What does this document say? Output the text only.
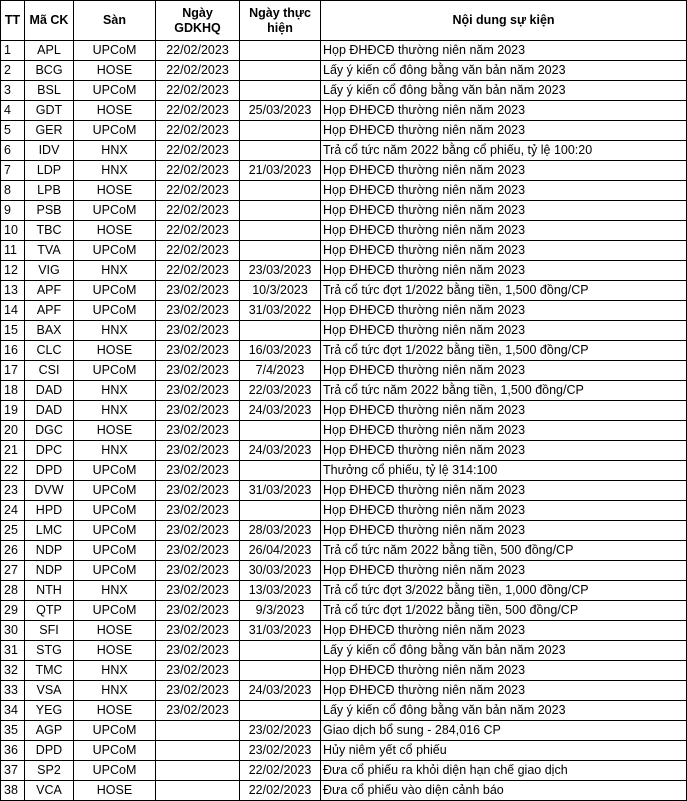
TT	Mã CK	Sàn	Ngày GDKHQ	Ngày thực hiện	Nội dung sự kiện
1	APL	UPCoM	22/02/2023		Họp ĐHĐCĐ thường niên năm 2023
2	BCG	HOSE	22/02/2023		Lấy ý kiến cổ đông bằng văn bản năm 2023
3	BSL	UPCoM	22/02/2023		Lấy ý kiến cổ đông bằng văn bản năm 2023
4	GDT	HOSE	22/02/2023	25/03/2023	Họp ĐHĐCĐ thường niên năm 2023
5	GER	UPCoM	22/02/2023		Họp ĐHĐCĐ thường niên năm 2023
6	IDV	HNX	22/02/2023		Trả cổ tức năm 2022 bằng cổ phiếu, tỷ lệ 100:20
7	LDP	HNX	22/02/2023	21/03/2023	Họp ĐHĐCĐ thường niên năm 2023
8	LPB	HOSE	22/02/2023		Họp ĐHĐCĐ thường niên năm 2023
9	PSB	UPCoM	22/02/2023		Họp ĐHĐCĐ thường niên năm 2023
10	TBC	HOSE	22/02/2023		Họp ĐHĐCĐ thường niên năm 2023
11	TVA	UPCoM	22/02/2023		Họp ĐHĐCĐ thường niên năm 2023
12	VIG	HNX	22/02/2023	23/03/2023	Họp ĐHĐCĐ thường niên năm 2023
13	APF	UPCoM	23/02/2023	10/3/2023	Trả cổ tức đợt 1/2022 bằng tiền, 1,500 đồng/CP
14	APF	UPCoM	23/02/2023	31/03/2022	Họp ĐHĐCĐ thường niên năm 2023
15	BAX	HNX	23/02/2023		Họp ĐHĐCĐ thường niên năm 2023
16	CLC	HOSE	23/02/2023	16/03/2023	Trả cổ tức đợt 1/2022 bằng tiền, 1,500 đồng/CP
17	CSI	UPCoM	23/02/2023	7/4/2023	Họp ĐHĐCĐ thường niên năm 2023
18	DAD	HNX	23/02/2023	22/03/2023	Trả cổ tức năm 2022 bằng tiền, 1,500 đồng/CP
19	DAD	HNX	23/02/2023	24/03/2023	Họp ĐHĐCĐ thường niên năm 2023
20	DGC	HOSE	23/02/2023		Họp ĐHĐCĐ thường niên năm 2023
21	DPC	HNX	23/02/2023	24/03/2023	Họp ĐHĐCĐ thường niên năm 2023
22	DPD	UPCoM	23/02/2023		Thưởng cổ phiếu, tỷ lệ 314:100
23	DVW	UPCoM	23/02/2023	31/03/2023	Họp ĐHĐCĐ thường niên năm 2023
24	HPD	UPCoM	23/02/2023		Họp ĐHĐCĐ thường niên năm 2023
25	LMC	UPCoM	23/02/2023	28/03/2023	Họp ĐHĐCĐ thường niên năm 2023
26	NDP	UPCoM	23/02/2023	26/04/2023	Trả cổ tức năm 2022 bằng tiền, 500 đồng/CP
27	NDP	UPCoM	23/02/2023	30/03/2023	Họp ĐHĐCĐ thường niên năm 2023
28	NTH	HNX	23/02/2023	13/03/2023	Trả cổ tức đợt 3/2022 bằng tiền, 1,000 đồng/CP
29	QTP	UPCoM	23/02/2023	9/3/2023	Trả cổ tức đợt 1/2022 bằng tiền, 500 đồng/CP
30	SFI	HOSE	23/02/2023	31/03/2023	Họp ĐHĐCĐ thường niên năm 2023
31	STG	HOSE	23/02/2023		Lấy ý kiến cổ đông bằng văn bản năm 2023
32	TMC	HNX	23/02/2023		Họp ĐHĐCĐ thường niên năm 2023
33	VSA	HNX	23/02/2023	24/03/2023	Họp ĐHĐCĐ thường niên năm 2023
34	YEG	HOSE	23/02/2023		Lấy ý kiến cổ đông bằng văn bản năm 2023
35	AGP	UPCoM		23/02/2023	Giao dịch bổ sung - 284,016 CP
36	DPD	UPCoM		23/02/2023	Hủy niêm yết cổ phiếu
37	SP2	UPCoM		22/02/2023	Đưa cổ phiếu ra khỏi diện hạn chế giao dịch
38	VCA	HOSE		22/02/2023	Đưa cổ phiếu vào diện cảnh báo
